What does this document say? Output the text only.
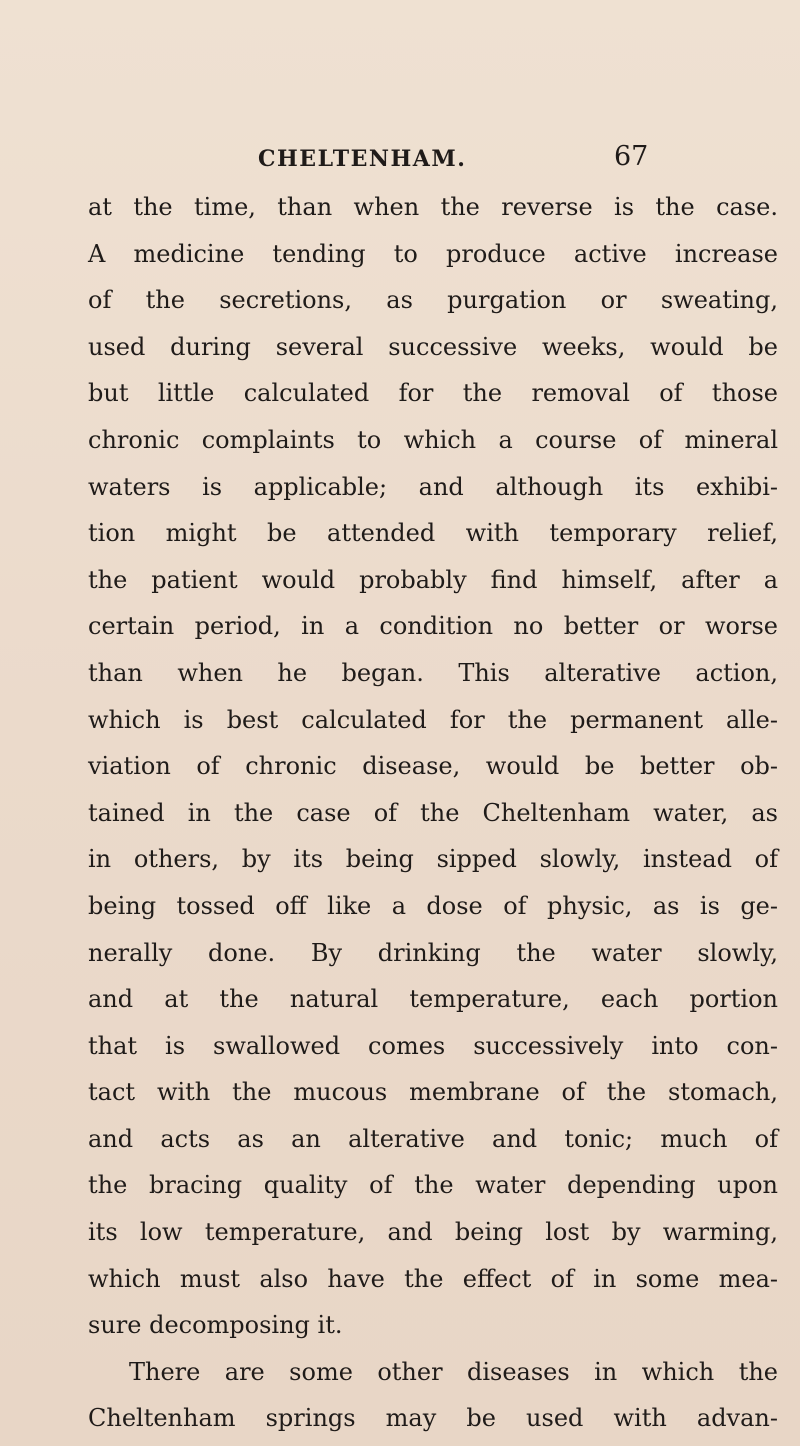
CHELTENHAM.	67
at the time, than when the reverse is the case.
A medicine tending to produce active increase
of the secretions, as purgation or sweating,
used during several successive weeks, would be
but little calculated for the removal of those
chronic complaints to which a course of mineral
waters is applicable; and although its exhibi-
tion might be attended with temporary relief,
the patient would probably find himself, after a
certain period, in a condition no better or worse
than when he began. This alterative action,
which is best calculated for the permanent alle-
viation of chronic disease, would be better ob-
tained in the case of the Cheltenham water, as
in others, by its being sipped slowly, instead of
being tossed off like a dose of physic, as is ge-
nerally done. By drinking the water slowly,
and at the natural temperature, each portion
that is swallowed comes successively into con-
tact with the mucous membrane of the stomach,
and acts as an alterative and tonic; much of
the bracing quality of the water depending upon
its low temperature, and being lost by warming,
which must also have the effect of in some mea-
sure decomposing it.
There are some other diseases in which the
Cheltenham springs may be used with advan-
